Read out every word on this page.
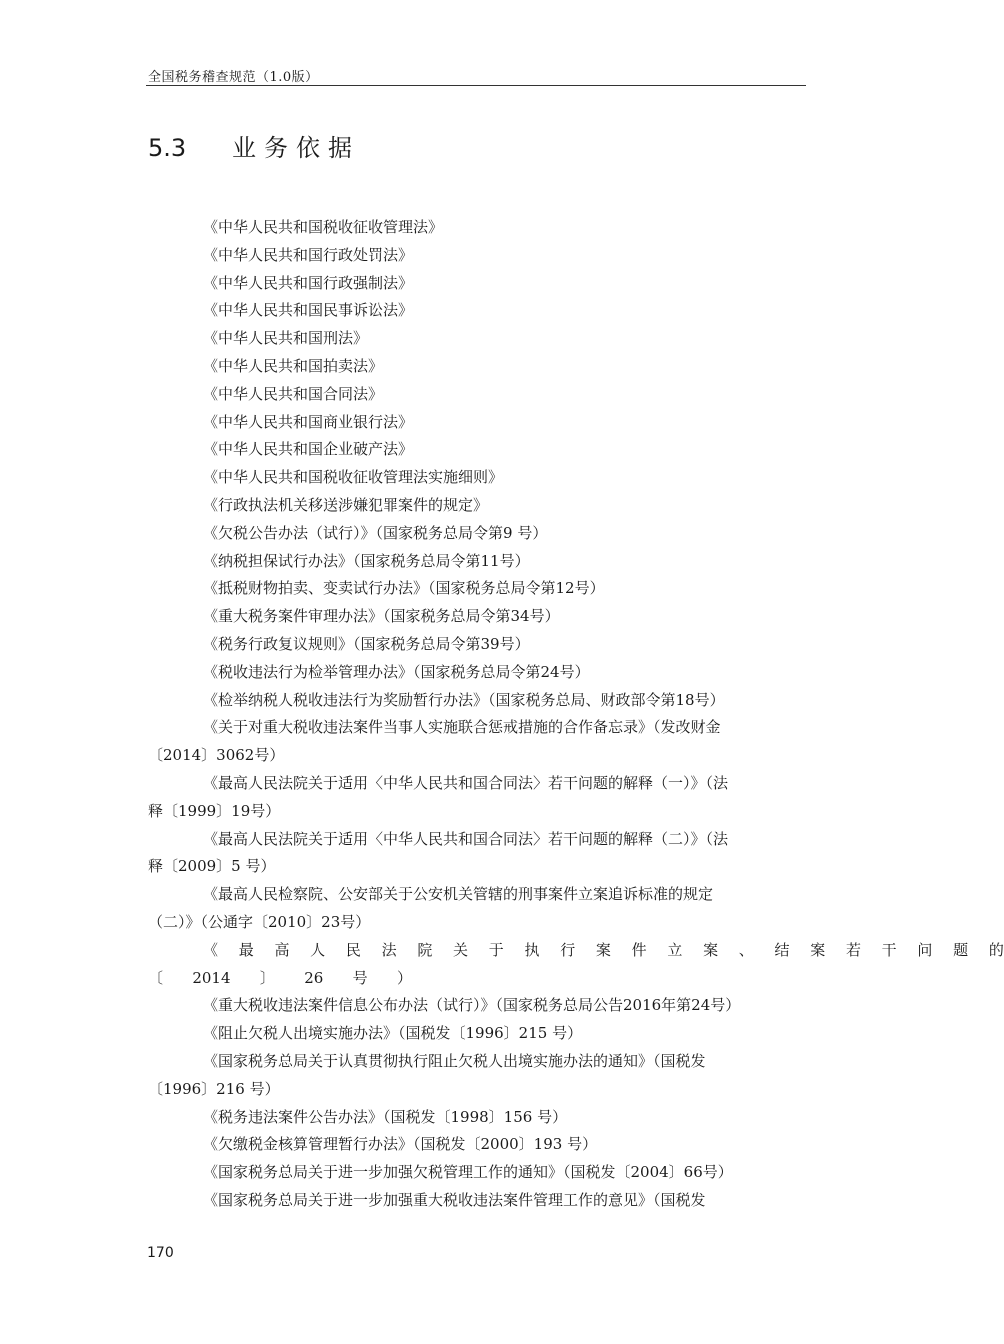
全国税务稽查规范（1.0版）
5.3 业务依据
《中华人民共和国税收征收管理法》
《中华人民共和国行政处罚法》
《中华人民共和国行政强制法》
《中华人民共和国民事诉讼法》
《中华人民共和国刑法》
《中华人民共和国拍卖法》
《中华人民共和国合同法》
《中华人民共和国商业银行法》
《中华人民共和国企业破产法》
《中华人民共和国税收征收管理法实施细则》
《行政执法机关移送涉嫌犯罪案件的规定》
《欠税公告办法（试行）》（国家税务总局令第9 号）
《纳税担保试行办法》（国家税务总局令第11号）
《抵税财物拍卖、变卖试行办法》（国家税务总局令第12号）
《重大税务案件审理办法》（国家税务总局令第34号）
《税务行政复议规则》（国家税务总局令第39号）
《税收违法行为检举管理办法》（国家税务总局令第24号）
《检举纳税人税收违法行为奖励暂行办法》（国家税务总局、财政部令第18号）
《关于对重大税收违法案件当事人实施联合惩戒措施的合作备忘录》（发改财金
〔2014〕3062号）
《最高人民法院关于适用〈中华人民共和国合同法〉若干问题的解释（一）》（法
释〔1999〕19号）
《最高人民法院关于适用〈中华人民共和国合同法〉若干问题的解释（二）》（法
释〔2009〕5 号）
《最高人民检察院、公安部关于公安机关管辖的刑事案件立案追诉标准的规定
（二）》（公通字〔2010〕23号）
《 最 高 人 民 法 院 关 于 执 行 案 件 立 案 、 结 案 若 干 问 题 的
〔 2014 〕 26 号 ）
《重大税收违法案件信息公布办法（试行）》（国家税务总局公告2016年第24号）
《阻止欠税人出境实施办法》（国税发〔1996〕215 号）
《国家税务总局关于认真贯彻执行阻止欠税人出境实施办法的通知》（国税发
〔1996〕216 号）
《税务违法案件公告办法》（国税发〔1998〕156 号）
《欠缴税金核算管理暂行办法》（国税发〔2000〕193 号）
《国家税务总局关于进一步加强欠税管理工作的通知》（国税发〔2004〕66号）
《国家税务总局关于进一步加强重大税收违法案件管理工作的意见》（国税发
170
